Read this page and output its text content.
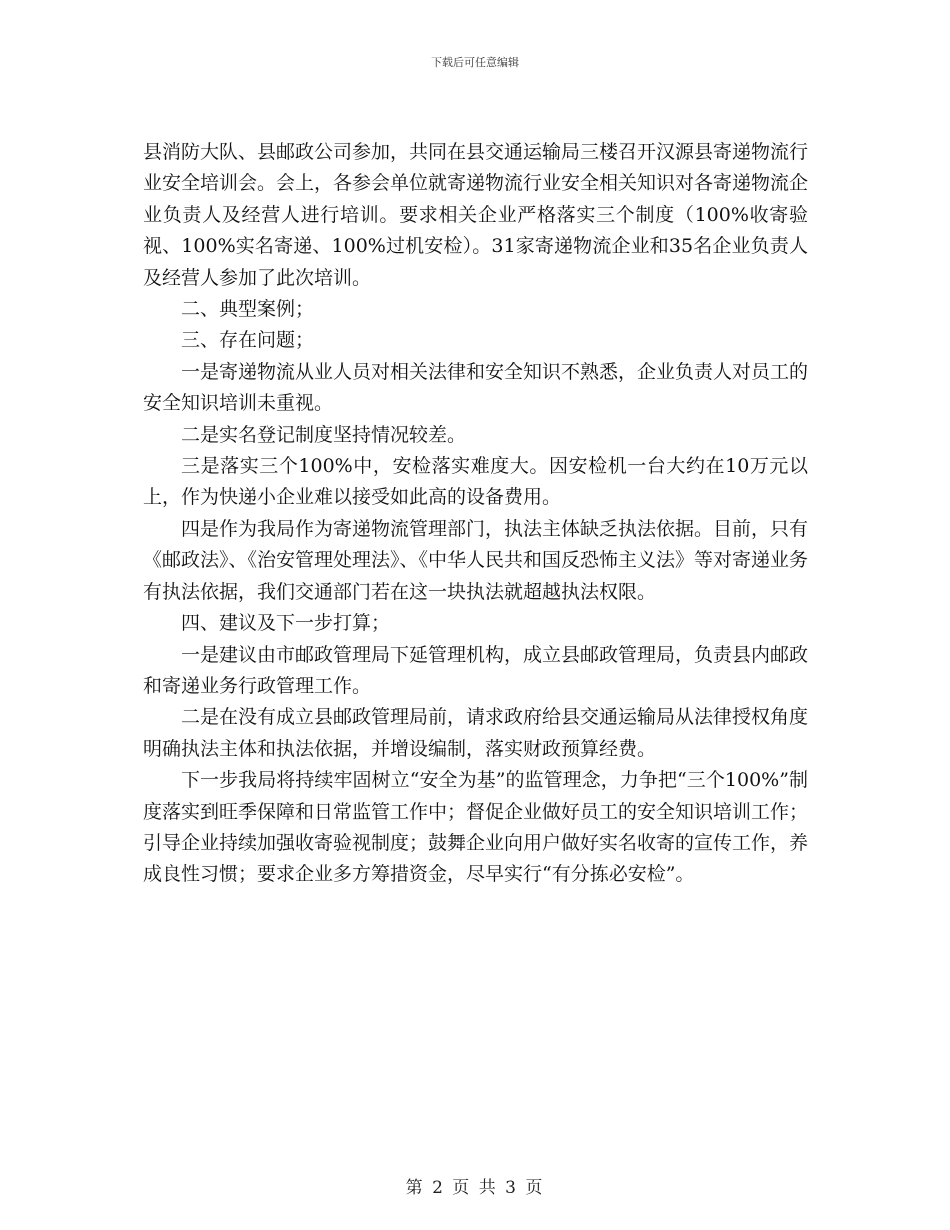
下载后可任意编辑

县消防大队、县邮政公司参加，共同在县交通运输局三楼召开汉源县寄递物流行业安全培训会。会上，各参会单位就寄递物流行业安全相关知识对各寄递物流企业负责人及经营人进行培训。要求相关企业严格落实三个制度（100%收寄验视、100%实名寄递、100%过机安检）。31家寄递物流企业和35名企业负责人及经营人参加了此次培训。

二、典型案例；

三、存在问题；

一是寄递物流从业人员对相关法律和安全知识不熟悉，企业负责人对员工的安全知识培训未重视。

二是实名登记制度坚持情况较差。

三是落实三个100%中，安检落实难度大。因安检机一台大约在10万元以上，作为快递小企业难以接受如此高的设备费用。

四是作为我局作为寄递物流管理部门，执法主体缺乏执法依据。目前，只有《邮政法》、《治安管理处理法》、《中华人民共和国反恐怖主义法》等对寄递业务有执法依据，我们交通部门若在这一块执法就超越执法权限。

四、建议及下一步打算；

一是建议由市邮政管理局下延管理机构，成立县邮政管理局，负责县内邮政和寄递业务行政管理工作。

二是在没有成立县邮政管理局前，请求政府给县交通运输局从法律授权角度明确执法主体和执法依据，并增设编制，落实财政预算经费。

下一步我局将持续牢固树立“安全为基”的监管理念，力争把“三个100%”制度落实到旺季保障和日常监管工作中；督促企业做好员工的安全知识培训工作；引导企业持续加强收寄验视制度；鼓舞企业向用户做好实名收寄的宣传工作，养成良性习惯；要求企业多方筹措资金，尽早实行“有分拣必安检”。

第 2 页 共 3 页
